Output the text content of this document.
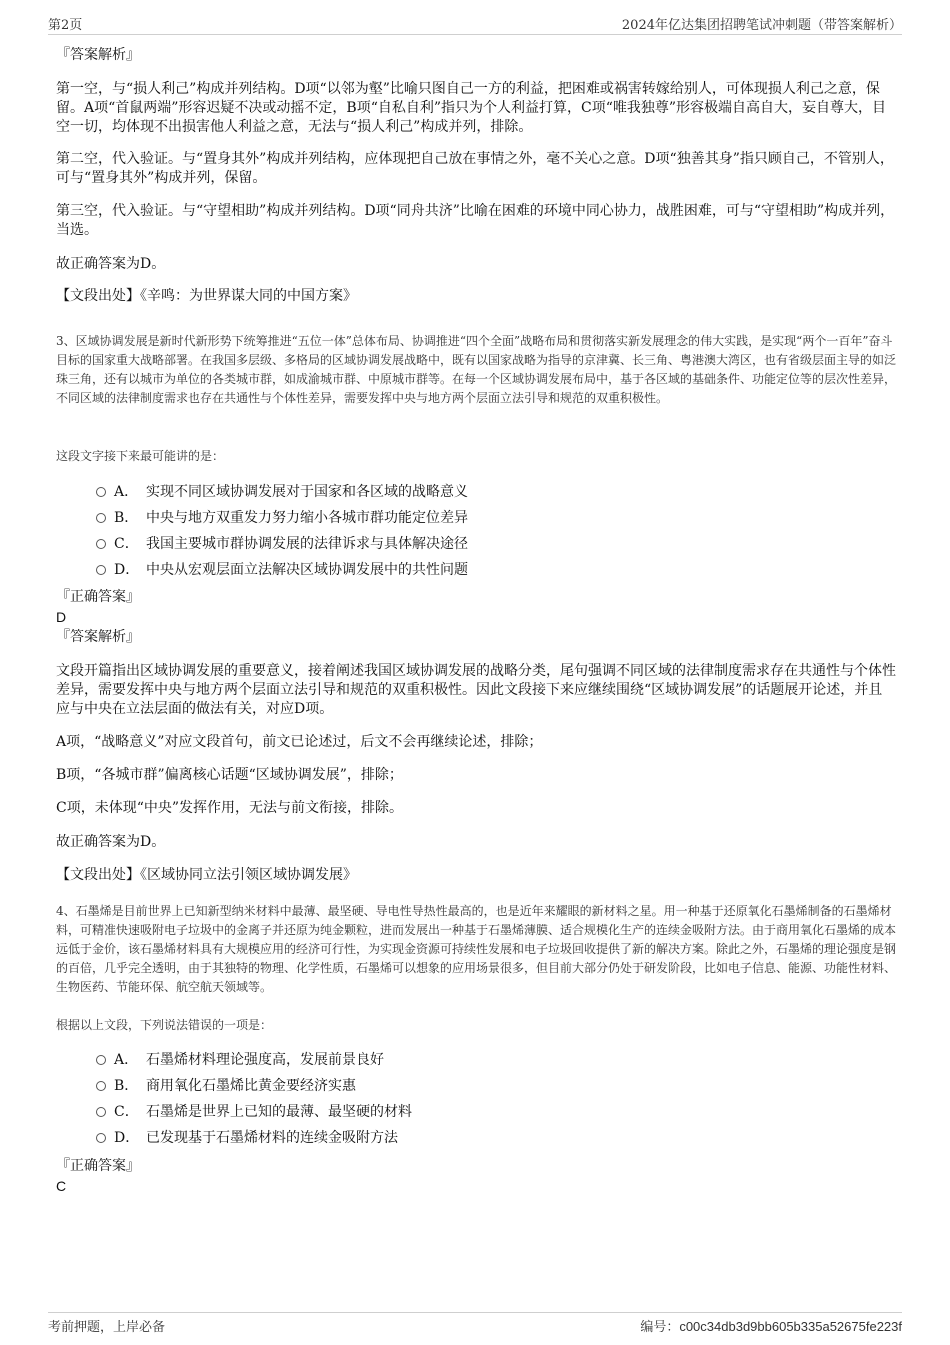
第2页	2024年亿达集团招聘笔试冲刺题（带答案解析）

『答案解析』

第一空，与“损人利己”构成并列结构。D项“以邻为壑”比喻只图自己一方的利益，把困难或祸害转嫁给别人，可体现损人利己之意，保留。A项“首鼠两端”形容迟疑不决或动摇不定，B项“自私自利”指只为个人利益打算，C项“唯我独尊”形容极端自高自大，妄自尊大，目空一切，均体现不出损害他人利益之意，无法与“损人利己”构成并列，排除。

第二空，代入验证。与“置身其外”构成并列结构，应体现把自己放在事情之外，毫不关心之意。D项“独善其身”指只顾自己，不管别人，可与“置身其外”构成并列，保留。

第三空，代入验证。与“守望相助”构成并列结构。D项“同舟共济”比喻在困难的环境中同心协力，战胜困难，可与“守望相助”构成并列，当选。

故正确答案为D。

【文段出处】《辛鸣：为世界谋大同的中国方案》

3、区域协调发展是新时代新形势下统筹推进“五位一体”总体布局、协调推进“四个全面”战略布局和贯彻落实新发展理念的伟大实践，是实现“两个一百年”奋斗目标的国家重大战略部署。在我国多层级、多格局的区域协调发展战略中，既有以国家战略为指导的京津冀、长三角、粤港澳大湾区，也有省级层面主导的如泛珠三角，还有以城市为单位的各类城市群，如成渝城市群、中原城市群等。在每一个区域协调发展布局中，基于各区域的基础条件、功能定位等的层次性差异，不同区域的法律制度需求也存在共通性与个体性差异，需要发挥中央与地方两个层面立法引导和规范的双重积极性。

这段文字接下来最可能讲的是：

A． 实现不同区域协调发展对于国家和各区域的战略意义
B． 中央与地方双重发力努力缩小各城市群功能定位差异
C． 我国主要城市群协调发展的法律诉求与具体解决途径
D． 中央从宏观层面立法解决区域协调发展中的共性问题

『正确答案』

D

『答案解析』

文段开篇指出区域协调发展的重要意义，接着阐述我国区域协调发展的战略分类，尾句强调不同区域的法律制度需求存在共通性与个体性差异，需要发挥中央与地方两个层面立法引导和规范的双重积极性。因此文段接下来应继续围绕“区域协调发展”的话题展开论述，并且应与中央在立法层面的做法有关，对应D项。

A项，“战略意义”对应文段首句，前文已论述过，后文不会再继续论述，排除；

B项，“各城市群”偏离核心话题“区域协调发展”，排除；

C项，未体现“中央”发挥作用，无法与前文衔接，排除。

故正确答案为D。

【文段出处】《区域协同立法引领区域协调发展》

4、石墨烯是目前世界上已知新型纳米材料中最薄、最坚硬、导电性导热性最高的，也是近年来耀眼的新材料之星。用一种基于还原氧化石墨烯制备的石墨烯材料，可精准快速吸附电子垃圾中的金离子并还原为纯金颗粒，进而发展出一种基于石墨烯薄膜、适合规模化生产的连续金吸附方法。由于商用氧化石墨烯的成本远低于金价，该石墨烯材料具有大规模应用的经济可行性，为实现金资源可持续性发展和电子垃圾回收提供了新的解决方案。除此之外，石墨烯的理论强度是钢的百倍，几乎完全透明，由于其独特的物理、化学性质，石墨烯可以想象的应用场景很多，但目前大部分仍处于研发阶段，比如电子信息、能源、功能性材料、生物医药、节能环保、航空航天领域等。

根据以上文段，下列说法错误的一项是：

A． 石墨烯材料理论强度高，发展前景良好
B． 商用氧化石墨烯比黄金要经济实惠
C． 石墨烯是世界上已知的最薄、最坚硬的材料
D． 已发现基于石墨烯材料的连续金吸附方法

『正确答案』

C

考前押题，上岸必备	编号：c00c34db3d9bb605b335a52675fe223f
